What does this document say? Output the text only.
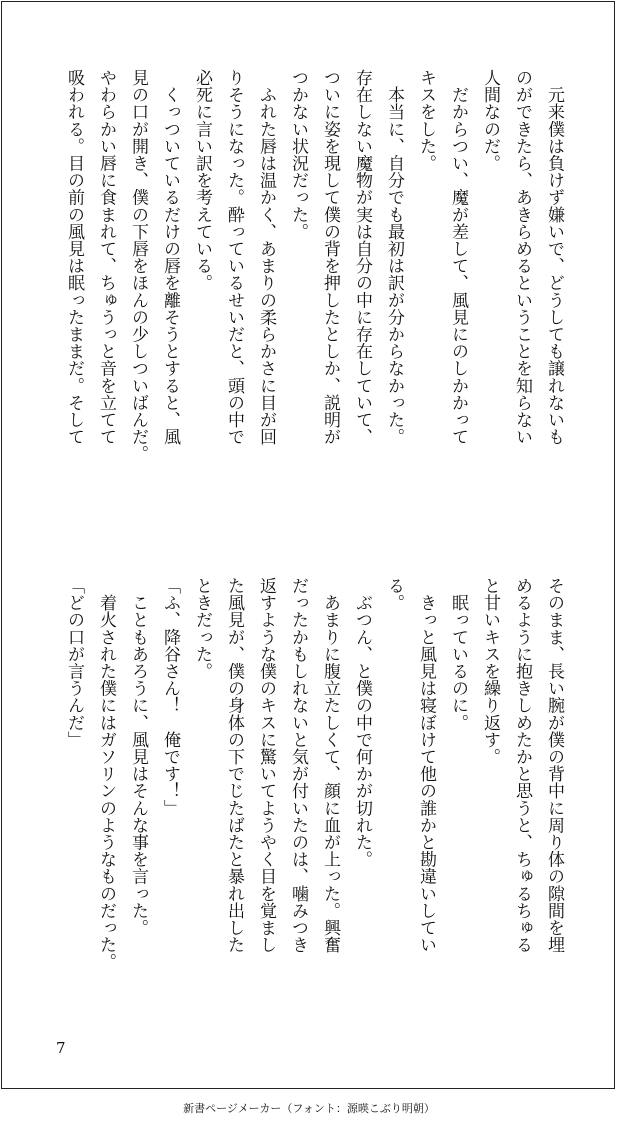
　元来僕は負けず嫌いで、どうしても譲れないも
のができたら、あきらめるということを知らない
人間なのだ。
　だからつい、魔が差して、風見にのしかかって
キスをした。
　本当に、自分でも最初は訳が分からなかった。
存在しない魔物が実は自分の中に存在していて、
ついに姿を現して僕の背を押したとしか、説明が
つかない状況だった。
　ふれた唇は温かく、あまりの柔らかさに目が回
りそうになった。酔っているせいだと、頭の中で
必死に言い訳を考えている。
　くっついているだけの唇を離そうとすると、風
見の口が開き、僕の下唇をほんの少しついばんだ。
やわらかい唇に食まれて、ちゅうっと音を立てて
吸われる。目の前の風見は眠ったままだ。そして
そのまま、長い腕が僕の背中に周り体の隙間を埋
めるように抱きしめたかと思うと、ちゅるちゅる
と甘いキスを繰り返す。
　眠っているのに。
　きっと風見は寝ぼけて他の誰かと勘違いしてい
る。
　ぶつん、と僕の中で何かが切れた。
　あまりに腹立たしくて、顔に血が上った。興奮
だったかもしれないと気が付いたのは、噛みつき
返すような僕のキスに驚いてようやく目を覚まし
た風見が、僕の身体の下でじたばたと暴れ出した
ときだった。
「ふ、降谷さん！　俺です！」
　こともあろうに、風見はそんな事を言った。
　着火された僕にはガソリンのようなものだった。
「どの口が言うんだ」
7
新書ページメーカー（フォント：源暎こぶり明朝）
